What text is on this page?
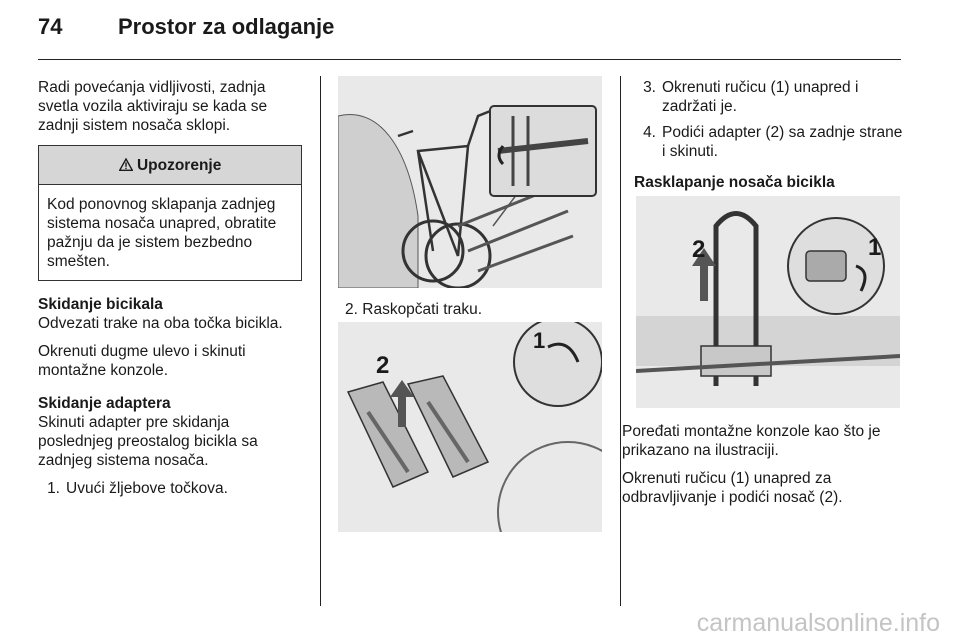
74	Prostor za odlaganje

Radi povećanja vidljivosti, zadnja svetla vozila aktiviraju se kada se zadnji sistem nosača sklopi.

Upozorenje
Kod ponovnog sklapanja zadnjeg sistema nosača unapred, obratite pažnju da je sistem bezbedno smešten.
Skidanje bicikala

Odvezati trake na oba točka bicikla.

Okrenuti dugme ulevo i skinuti montažne konzole.

Skidanje adaptera

Skinuti adapter pre skidanja poslednjeg preostalog bicikla sa zadnjeg sistema nosača.

1. Uvući žljebove točkova.
2. Raskopčati traku.
2
1
3. Okrenuti ručicu (1) unapred i zadržati je.
4. Podići adapter (2) sa zadnje strane i skinuti.
Rasklapanje nosača bicikla
2	1

Poređati montažne konzole kao što je prikazano na ilustraciji.

Okrenuti ručicu (1) unapred za odbravljivanje i podići nosač (2).

carmanualsonline.info
